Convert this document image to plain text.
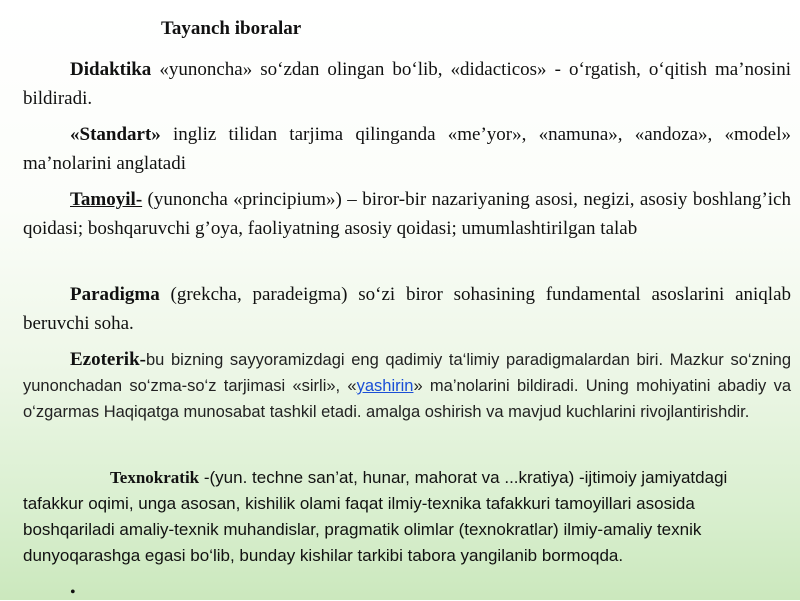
Tayanch iboralar
Didaktika «yunoncha» so‘zdan olingan bo‘lib, «didacticos» - o‘rgatish, o‘qitish ma’nosini bildiradi.
«Standart» ingliz tilidan tarjima qilinganda «me’yor», «namuna», «andoza», «model» ma’nolarini anglatadi
Tamoyil- (yunoncha «principium») – biror-bir nazariyaning asosi, negizi, asosiy boshlang’ich qoidasi; boshqaruvchi g’oya, faoliyatning asosiy qoidasi; umumlashtirilgan talab
Paradigma (grekcha, paradeigma) so‘zi biror sohasining fundamental asoslarini aniqlab beruvchi soha.
Ezoterik-bu bizning sayyoramizdagi eng qadimiy ta‘limiy paradigmalardan biri. Mazkur so‘zning yunonchadan so‘zma-so‘z tarjimasi «sirli», «yashirin» ma’nolarini bildiradi. Uning mohiyatini abadiy va o‘zgarmas Haqiqatga munosabat tashkil etadi. amalga oshirish va mavjud kuchlarini rivojlantirishdir.
Texnokratik -(yun. techne san’at, hunar, mahorat va ...kratiya) -ijtimoiy jamiyatdagi tafakkur oqimi, unga asosan, kishilik olami faqat ilmiy-texnika tafakkuri tamoyillari asosida boshqariladi amaliy-texnik muhandislar, pragmatik olimlar (texnokratlar) ilmiy-amaliy texnik dunyoqarashga egasi bo‘lib, bunday kishilar tarkibi tabora yangilanib bormoqda.
•
